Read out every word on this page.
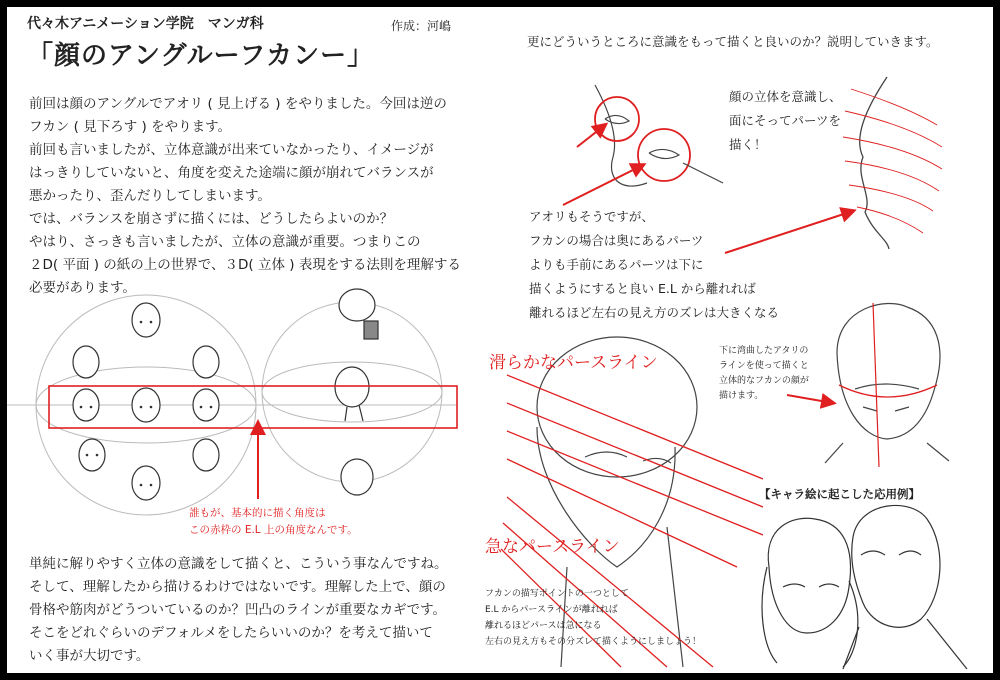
代々木アニメーション学院　マンガ科	作成：河嶋
「顔のアングルーフカンー」
前回は顔のアングルでアオリ ( 見上げる ) をやりました。今回は逆の
フカン ( 見下ろす ) をやります。
前回も言いましたが、立体意識が出来ていなかったり、イメージが
はっきりしていないと、角度を変えた途端に顔が崩れてバランスが
悪かったり、歪んだりしてしまいます。
では、バランスを崩さずに描くには、どうしたらよいのか？
やはり、さっきも言いましたが、立体の意識が重要。つまりこの
２D( 平面 ) の紙の上の世界で、３D( 立体 ) 表現をする法則を理解する
必要があります。
誰もが、基本的に描く角度は
この赤枠の E.L 上の角度なんです。
単純に解りやすく立体の意識をして描くと、こういう事なんですね。
そして、理解したから描けるわけではないです。理解した上で、顔の
骨格や筋肉がどうついているのか？凹凸のラインが重要なカギです。
そこをどれぐらいのデフォルメをしたらいいのか？を考えて描いて
いく事が大切です。
更にどういうところに意識をもって描くと良いのか？説明していきます。
顔の立体を意識し、
面にそってパーツを
描く！
アオリもそうですが、
フカンの場合は奥にあるパーツ
よりも手前にあるパーツは下に
描くようにすると良い E.L から離れれば
離れるほど左右の見え方のズレは大きくなる
下に湾曲したアタリの
ラインを使って描くと
立体的なフカンの顔が
描けます。
滑らかなパースライン
急なパースライン
フカンの描写ポイントの一つとして
E.L からパースラインが離れれば
離れるほどパースは急になる
左右の見え方もその分ズレて描くようにしましょう！
【キャラ絵に起こした応用例】
